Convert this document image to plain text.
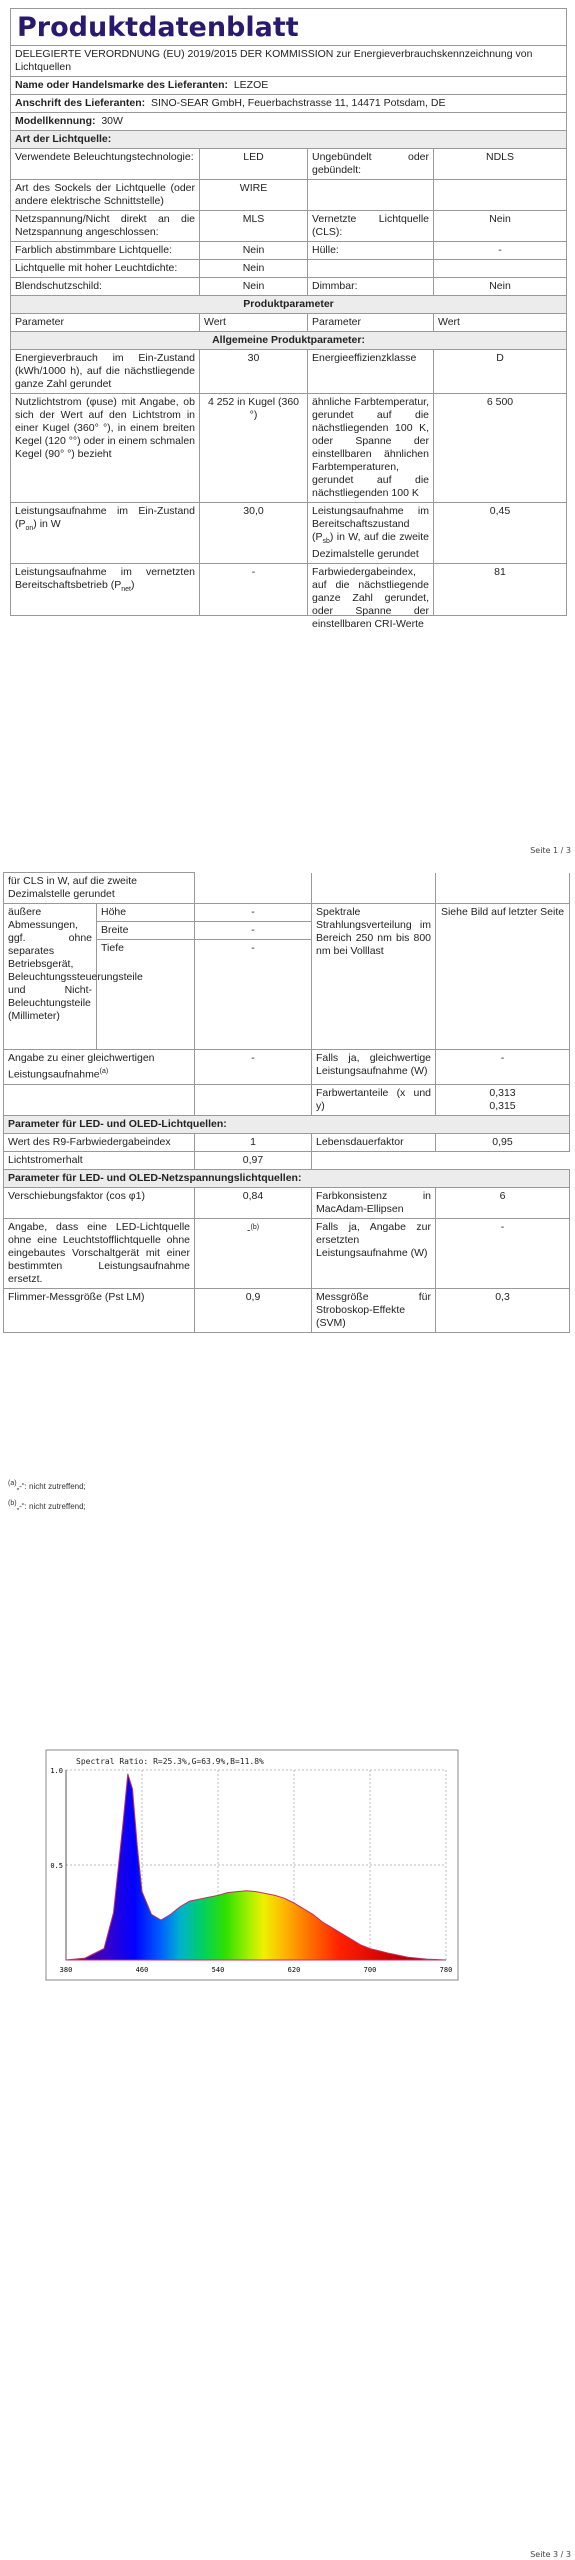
Produktdatenblatt			
DELEGIERTE VERORDNUNG (EU) 2019/2015 DER KOMMISSION zur Energieverbrauchskennzeichnung von Lichtquellen			
Name oder Handelsmarke des Lieferanten: LEZOE			
Anschrift des Lieferanten: SINO-SEAR GmbH, Feuerbachstrasse 11, 14471 Potsdam, DE			
Modellkennung: 30W			
Art der Lichtquelle:			
Verwendete Beleuchtungstechnologie:	LED	Ungebündelt oder gebündelt:	NDLS
Art des Sockels der Lichtquelle (oder andere elektrische Schnittstelle)	WIRE		
Netzspannung/Nicht direkt an die Netzspannung angeschlossen:	MLS	Vernetzte Lichtquelle (CLS):	Nein
Farblich abstimmbare Lichtquelle:	Nein	Hülle:	-
Lichtquelle mit hoher Leuchtdichte:	Nein		
Blendschutzschild:	Nein	Dimmbar:	Nein
Produktparameter			
Parameter	Wert	Parameter	Wert
Allgemeine Produktparameter:			
Energieverbrauch im Ein-Zustand (kWh/1000 h), auf die nächstliegende ganze Zahl gerundet	30	Energieeffizienzklasse	D
Nutzlichtstrom (φuse) mit Angabe, ob sich der Wert auf den Lichtstrom in einer Kugel (360° °), in einem breiten Kegel (120 °°) oder in einem schmalen Kegel (90° °) bezieht	4 252 in Kugel (360 °)	ähnliche Farbtemperatur, gerundet auf die nächstliegenden 100 K, oder Spanne der einstellbaren ähnlichen Farbtemperaturen, gerundet auf die nächstliegenden 100 K	6 500
Leistungsaufnahme im Ein-Zustand $(P_{on})$ in W	30,0	Leistungsaufnahme im Bereitschaftszustand $(P_{sb})$ in W, auf die zweite Dezimalstelle gerundet	0,45
Leistungsaufnahme im vernetzten Bereitschaftsbetrieb $(P_{net})$	-	Farbwiedergabeindex, auf die nächstliegende ganze Zahl gerundet, oder Spanne der einstellbaren CRI-Werte	81
Seite 1 / 3
für CLS in W, auf die zweite Dezimalstelle gerundet				
äußere Abmessungen, ggf. ohne separates Betriebsgerät, Beleuchtungssteuerungsteile und Nicht-Beleuchtungsteile (Millimeter)	Höhe	-	Spektrale Strahlungsverteilung im Bereich 250 nm bis 800 nm bei Volllast	Siehe Bild auf letzter Seite
	Breite	-		
	Tiefe	-		
Angabe zu einer gleichwertigen Leistungsaufnahme$^{(a)}$		-	Falls ja, gleichwertige Leistungsaufnahme (W)	-
			Farbwertanteile (x und y)	0,313
0,315

Parameter für LED- und OLED-Lichtquellen:				
Wert des R9-Farbwiedergabeindex		1	Lebensdauerfaktor	0,95
Lichtstromerhalt		0,97		
Parameter für LED- und OLED-Netzspannungslichtquellen:				
Verschiebungsfaktor (cos φ1)		0,84	Farbkonsistenz in MacAdam-Ellipsen	6
Angabe, dass eine LED-Lichtquelle ohne eine Leuchtstofflichtquelle ohne eingebautes Vorschaltgerät mit einer bestimmten Leistungsaufnahme ersetzt.		-$^{(b)}$	Falls ja, Angabe zur ersetzten Leistungsaufnahme (W)	-
Flimmer-Messgröße (Pst LM)		0,9	Messgröße für Stroboskop-Effekte (SVM)	0,3
$^{(a)}$„-“: nicht zutreffend;
$^{(b)}$„-“: nicht zutreffend;
Spectral Ratio: R=25.3%,G=63.9%,B=11.8%
380	460	540	620	700	780
0.5
1.0
Seite 3 / 3
